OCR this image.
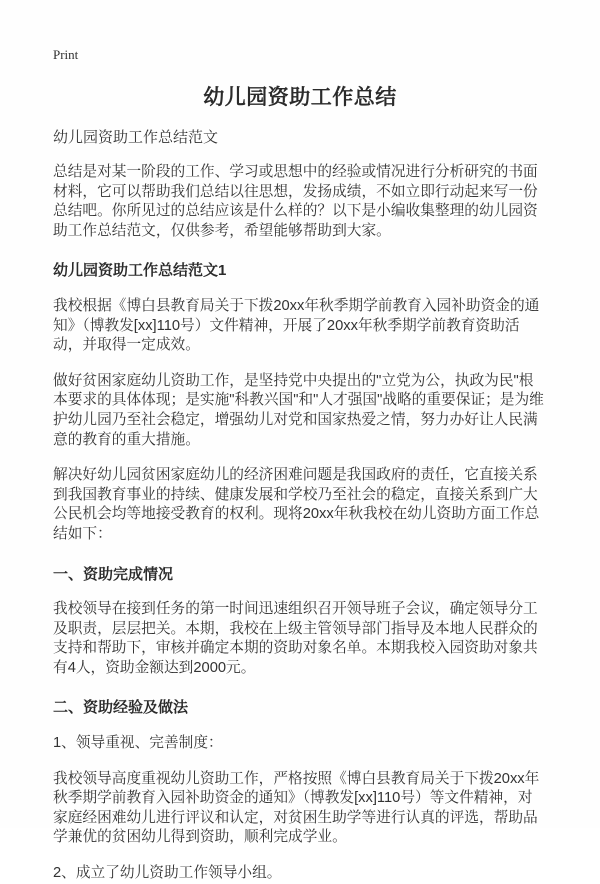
Print
幼儿园资助工作总结
幼儿园资助工作总结范文

总结是对某一阶段的工作、学习或思想中的经验或情况进行分析研究的书面材料，它可以帮助我们总结以往思想，发扬成绩，不如立即行动起来写一份总结吧。你所见过的总结应该是什么样的？以下是小编收集整理的幼儿园资助工作总结范文，仅供参考，希望能够帮助到大家。

幼儿园资助工作总结范文1

我校根据《博白县教育局关于下拨20xx年秋季期学前教育入园补助资金的通知》（博教发[xx]110号）文件精神，开展了20xx年秋季期学前教育资助活动，并取得一定成效。

做好贫困家庭幼儿资助工作，是坚持党中央提出的"立党为公，执政为民"根本要求的具体体现；是实施"科教兴国"和"人才强国"战略的重要保证；是为维护幼儿园乃至社会稳定，增强幼儿对党和国家热爱之情，努力办好让人民满意的教育的重大措施。

解决好幼儿园贫困家庭幼儿的经济困难问题是我国政府的责任，它直接关系到我国教育事业的持续、健康发展和学校乃至社会的稳定，直接关系到广大公民机会均等地接受教育的权利。现将20xx年秋我校在幼儿资助方面工作总结如下：

一、资助完成情况

我校领导在接到任务的第一时间迅速组织召开领导班子会议，确定领导分工及职责，层层把关。本期，我校在上级主管领导部门指导及本地人民群众的支持和帮助下，审核并确定本期的资助对象名单。本期我校入园资助对象共有4人，资助金额达到2000元。

二、资助经验及做法

1、领导重视、完善制度：

我校领导高度重视幼儿资助工作，严格按照《博白县教育局关于下拨20xx年秋季期学前教育入园补助资金的通知》（博教发[xx]110号）等文件精神，对家庭经困难幼儿进行评议和认定，对贫困生助学等进行认真的评选，帮助品学兼优的贫困幼儿得到资助，顺利完成学业。

2、成立了幼儿资助工作领导小组。
